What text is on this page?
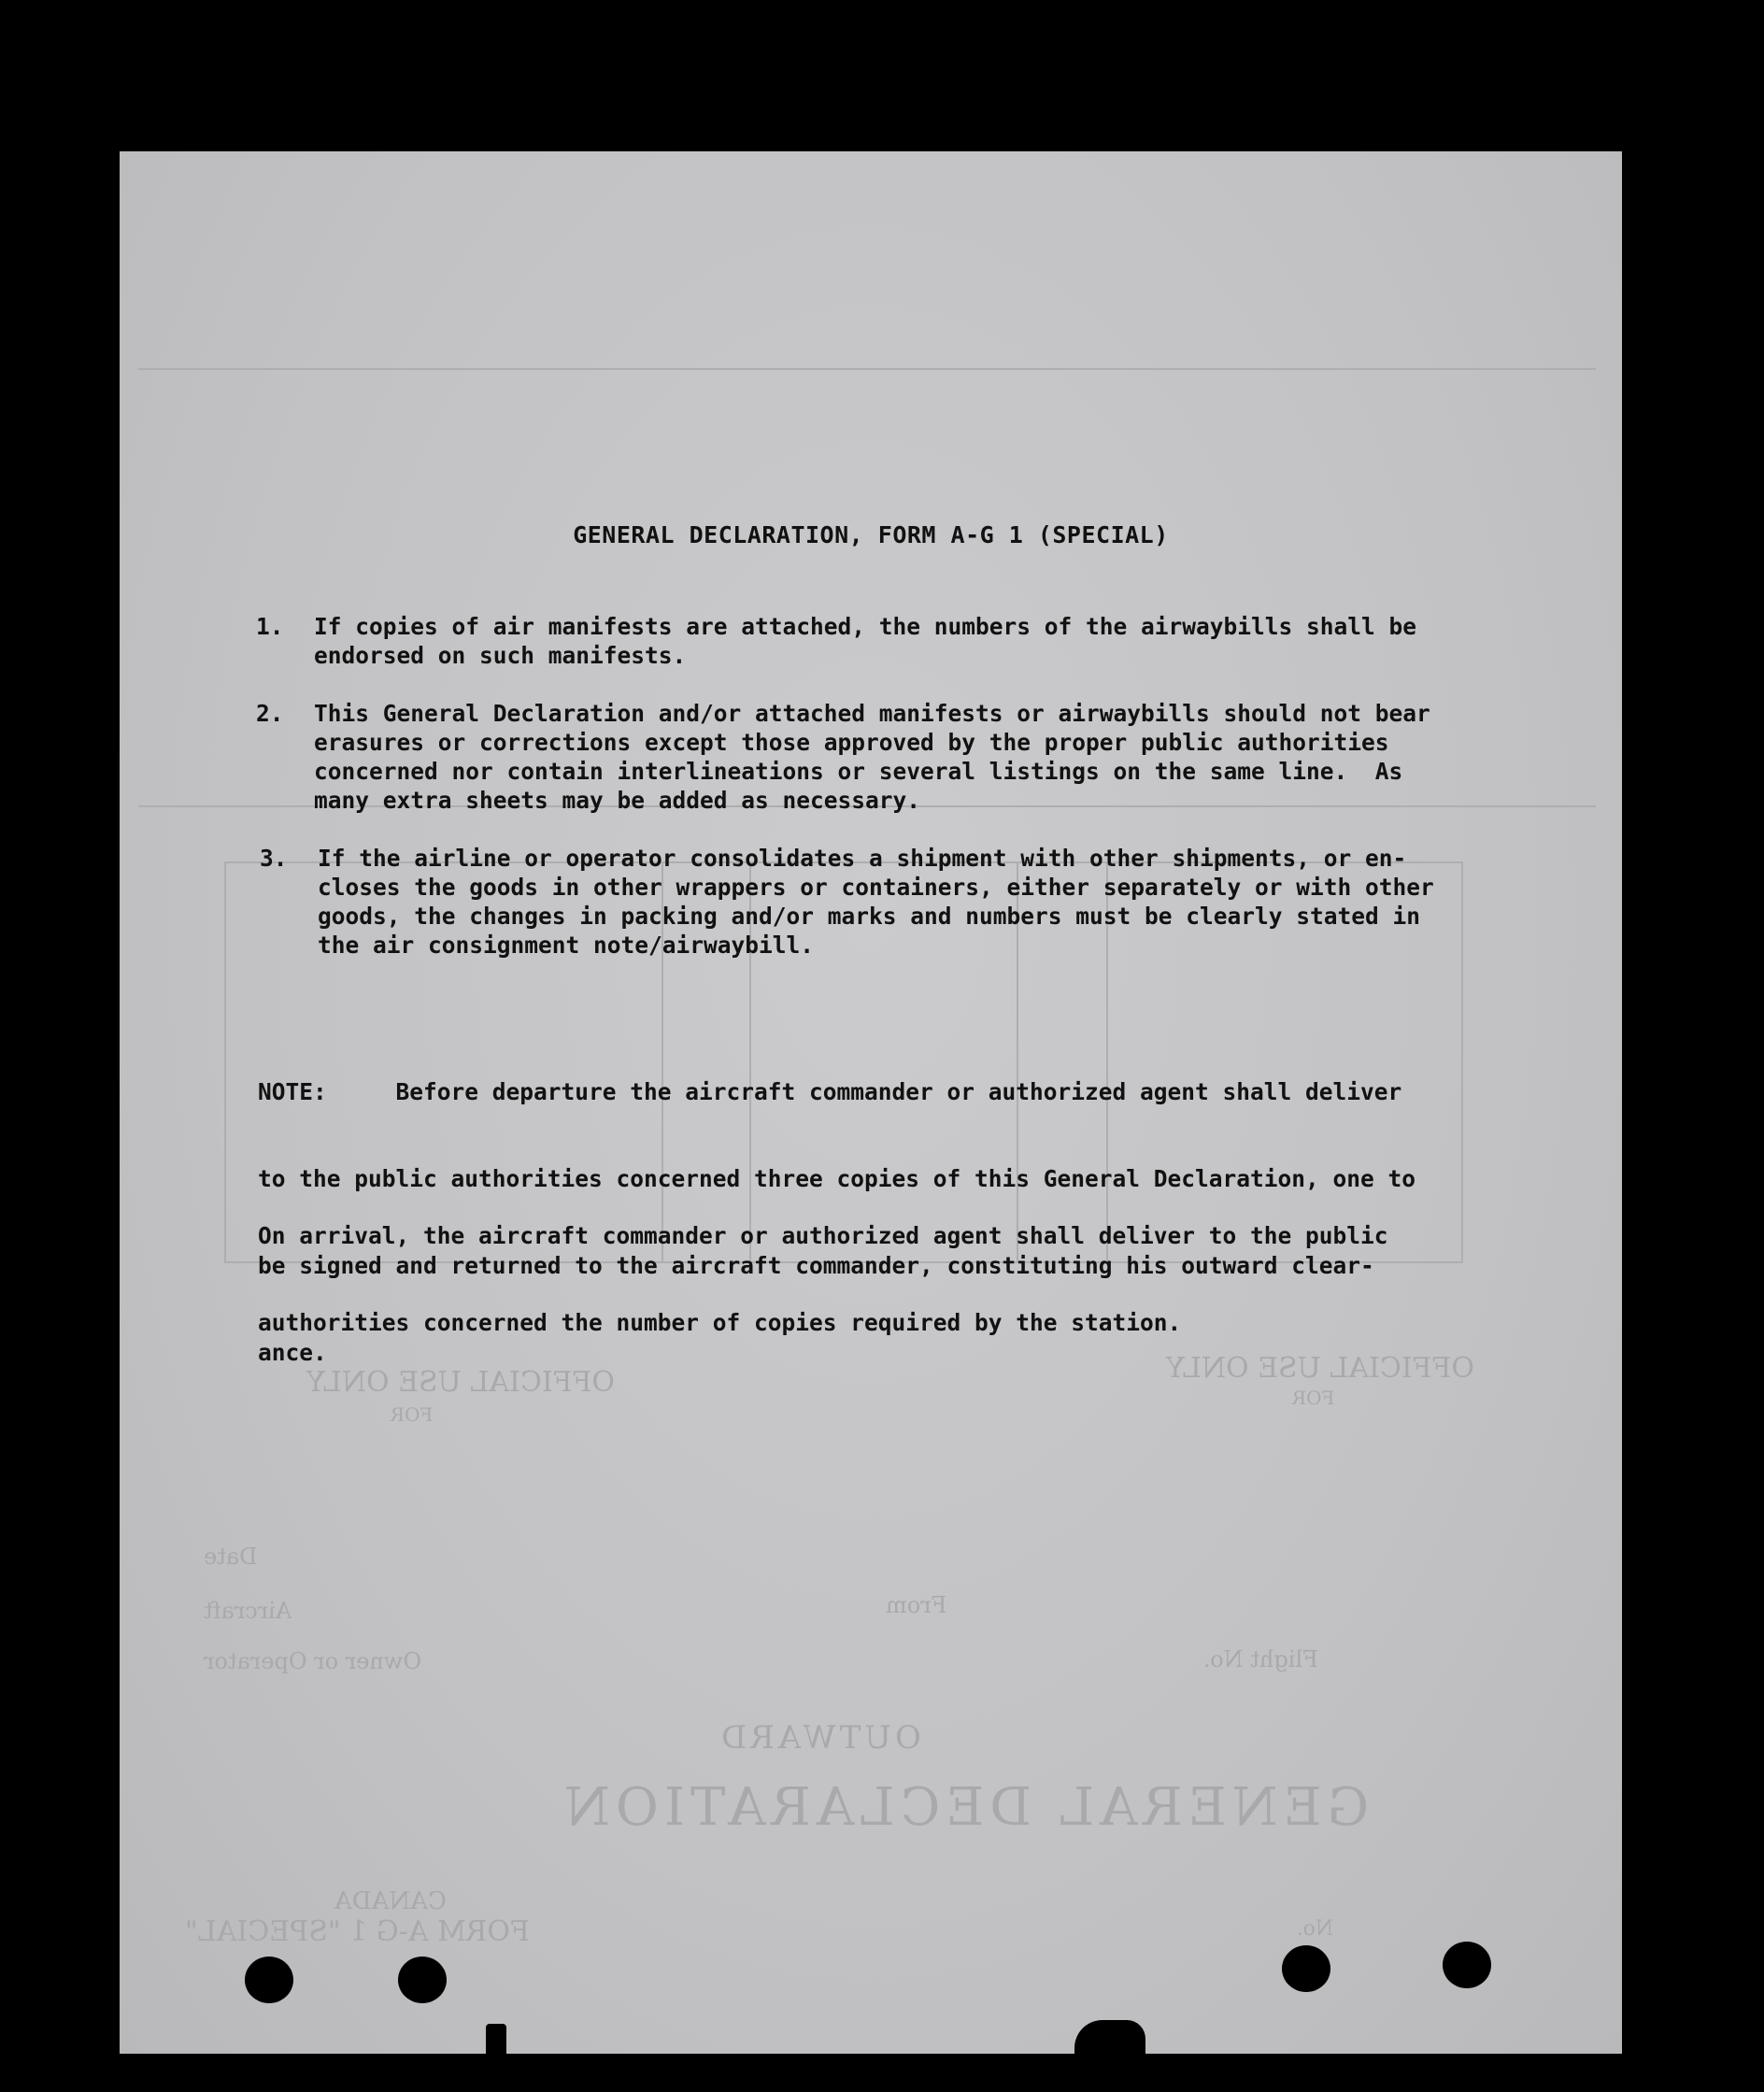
GENERAL DECLARATION
OUTWARD
CANADA
FORM A-G 1 "SPECIAL"
OFFICIAL USE ONLY
FOR
OFFICIAL USE ONLY
FOR
Flight No.
Owner or Operator
Aircraft	From
Date
No.
GENERAL DECLARATION, FORM A-G 1 (SPECIAL)
1. If copies of air manifests are attached, the numbers of the airwaybills shall be
endorsed on such manifests.
2. This General Declaration and/or attached manifests or airwaybills should not bear
erasures or corrections except those approved by the proper public authorities
concerned nor contain interlineations or several listings on the same line.  As
many extra sheets may be added as necessary.
3. If the airline or operator consolidates a shipment with other shipments, or en-
closes the goods in other wrappers or containers, either separately or with other
goods, the changes in packing and/or marks and numbers must be clearly stated in
the air consignment note/airwaybill.

NOTE:     Before departure the aircraft commander or authorized agent shall deliver

to the public authorities concerned three copies of this General Declaration, one to

be signed and returned to the aircraft commander, constituting his outward clear-

ance.

On arrival, the aircraft commander or authorized agent shall deliver to the public

authorities concerned the number of copies required by the station.
